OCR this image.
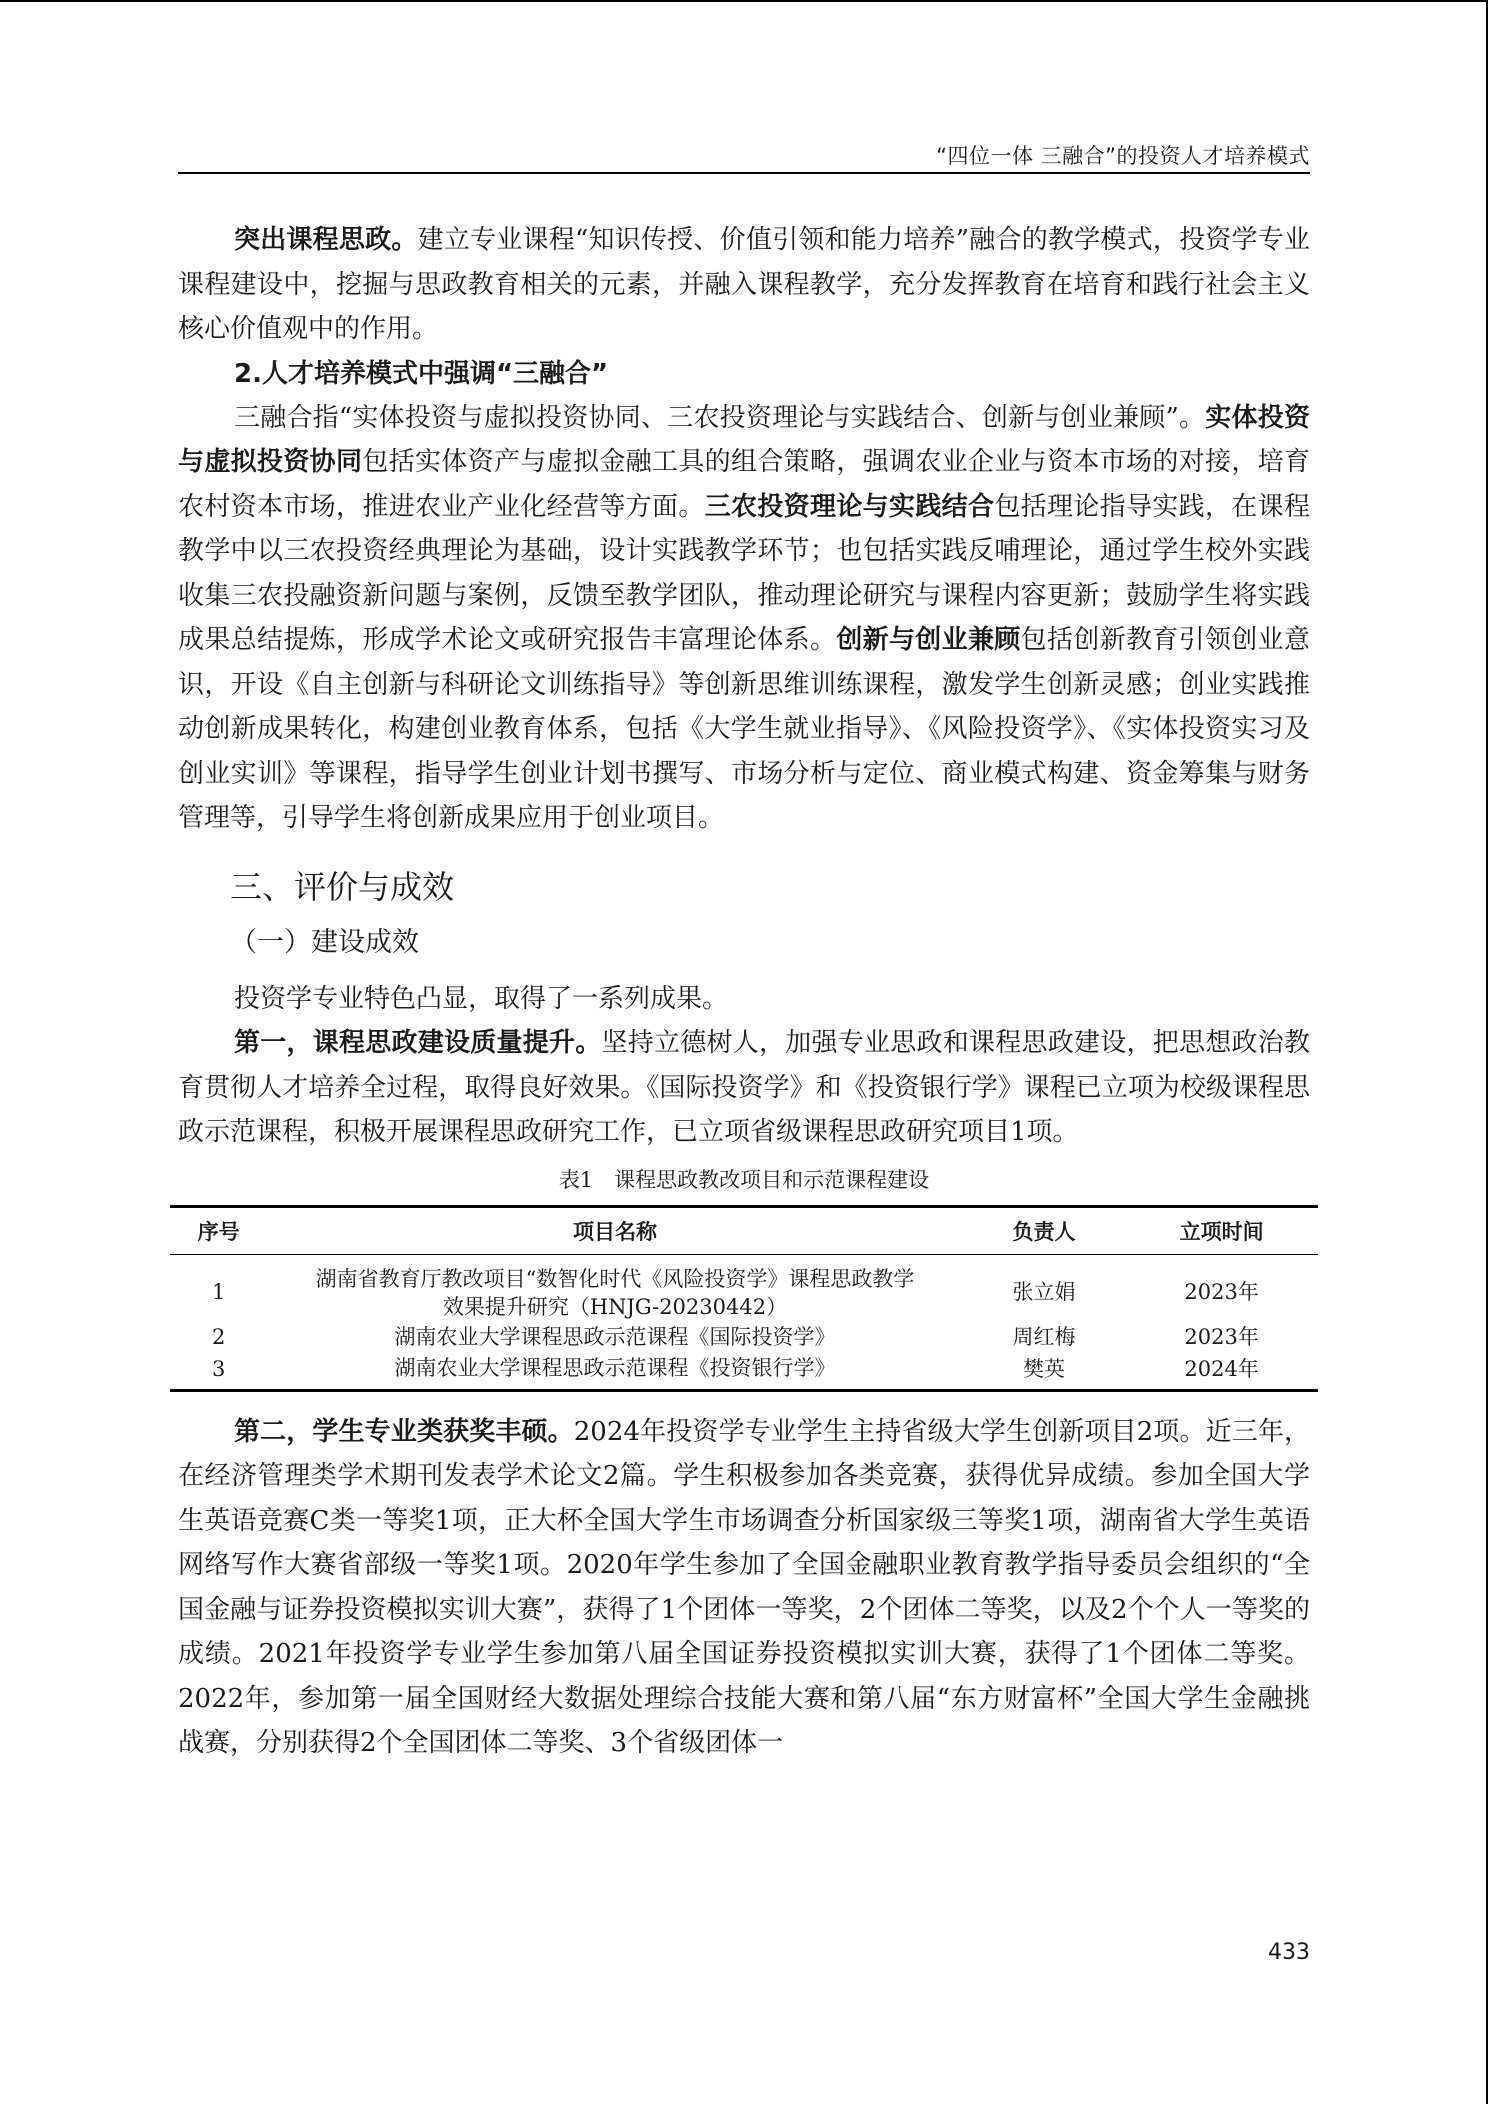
“四位一体 三融合”的投资人才培养模式

突出课程思政。建立专业课程“知识传授、价值引领和能力培养”融合的教学模式，投资学专业课程建设中，挖掘与思政教育相关的元素，并融入课程教学，充分发挥教育在培育和践行社会主义核心价值观中的作用。

2.人才培养模式中强调“三融合”

三融合指“实体投资与虚拟投资协同、三农投资理论与实践结合、创新与创业兼顾”。实体投资与虚拟投资协同包括实体资产与虚拟金融工具的组合策略，强调农业企业与资本市场的对接，培育农村资本市场，推进农业产业化经营等方面。三农投资理论与实践结合包括理论指导实践，在课程教学中以三农投资经典理论为基础，设计实践教学环节；也包括实践反哺理论，通过学生校外实践收集三农投融资新问题与案例，反馈至教学团队，推动理论研究与课程内容更新；鼓励学生将实践成果总结提炼，形成学术论文或研究报告丰富理论体系。创新与创业兼顾包括创新教育引领创业意识，开设《自主创新与科研论文训练指导》等创新思维训练课程，激发学生创新灵感；创业实践推动创新成果转化，构建创业教育体系，包括《大学生就业指导》、《风险投资学》、《实体投资实习及创业实训》等课程，指导学生创业计划书撰写、市场分析与定位、商业模式构建、资金筹集与财务管理等，引导学生将创新成果应用于创业项目。

三、评价与成效
（一）建设成效

投资学专业特色凸显，取得了一系列成果。

第一，课程思政建设质量提升。坚持立德树人，加强专业思政和课程思政建设，把思想政治教育贯彻人才培养全过程，取得良好效果。《国际投资学》和《投资银行学》课程已立项为校级课程思政示范课程，积极开展课程思政研究工作，已立项省级课程思政研究项目1项。

表1　课程思政教改项目和示范课程建设
序号	项目名称	负责人	立项时间
1	湖南省教育厅教改项目“数智化时代《风险投资学》课程思政教学效果提升研究（HNJG-20230442）	张立娟	2023年
2	湖南农业大学课程思政示范课程《国际投资学》	周红梅	2023年
3	湖南农业大学课程思政示范课程《投资银行学》	樊英	2024年

第二，学生专业类获奖丰硕。2024年投资学专业学生主持省级大学生创新项目2项。近三年，在经济管理类学术期刊发表学术论文2篇。学生积极参加各类竞赛，获得优异成绩。参加全国大学生英语竞赛C类一等奖1项，正大杯全国大学生市场调查分析国家级三等奖1项，湖南省大学生英语网络写作大赛省部级一等奖1项。2020年学生参加了全国金融职业教育教学指导委员会组织的“全国金融与证券投资模拟实训大赛”，获得了1个团体一等奖，2个团体二等奖，以及2个个人一等奖的成绩。2021年投资学专业学生参加第八届全国证券投资模拟实训大赛，获得了1个团体二等奖。2022年，参加第一届全国财经大数据处理综合技能大赛和第八届“东方财富杯”全国大学生金融挑战赛，分别获得2个全国团体二等奖、3个省级团体一

433
